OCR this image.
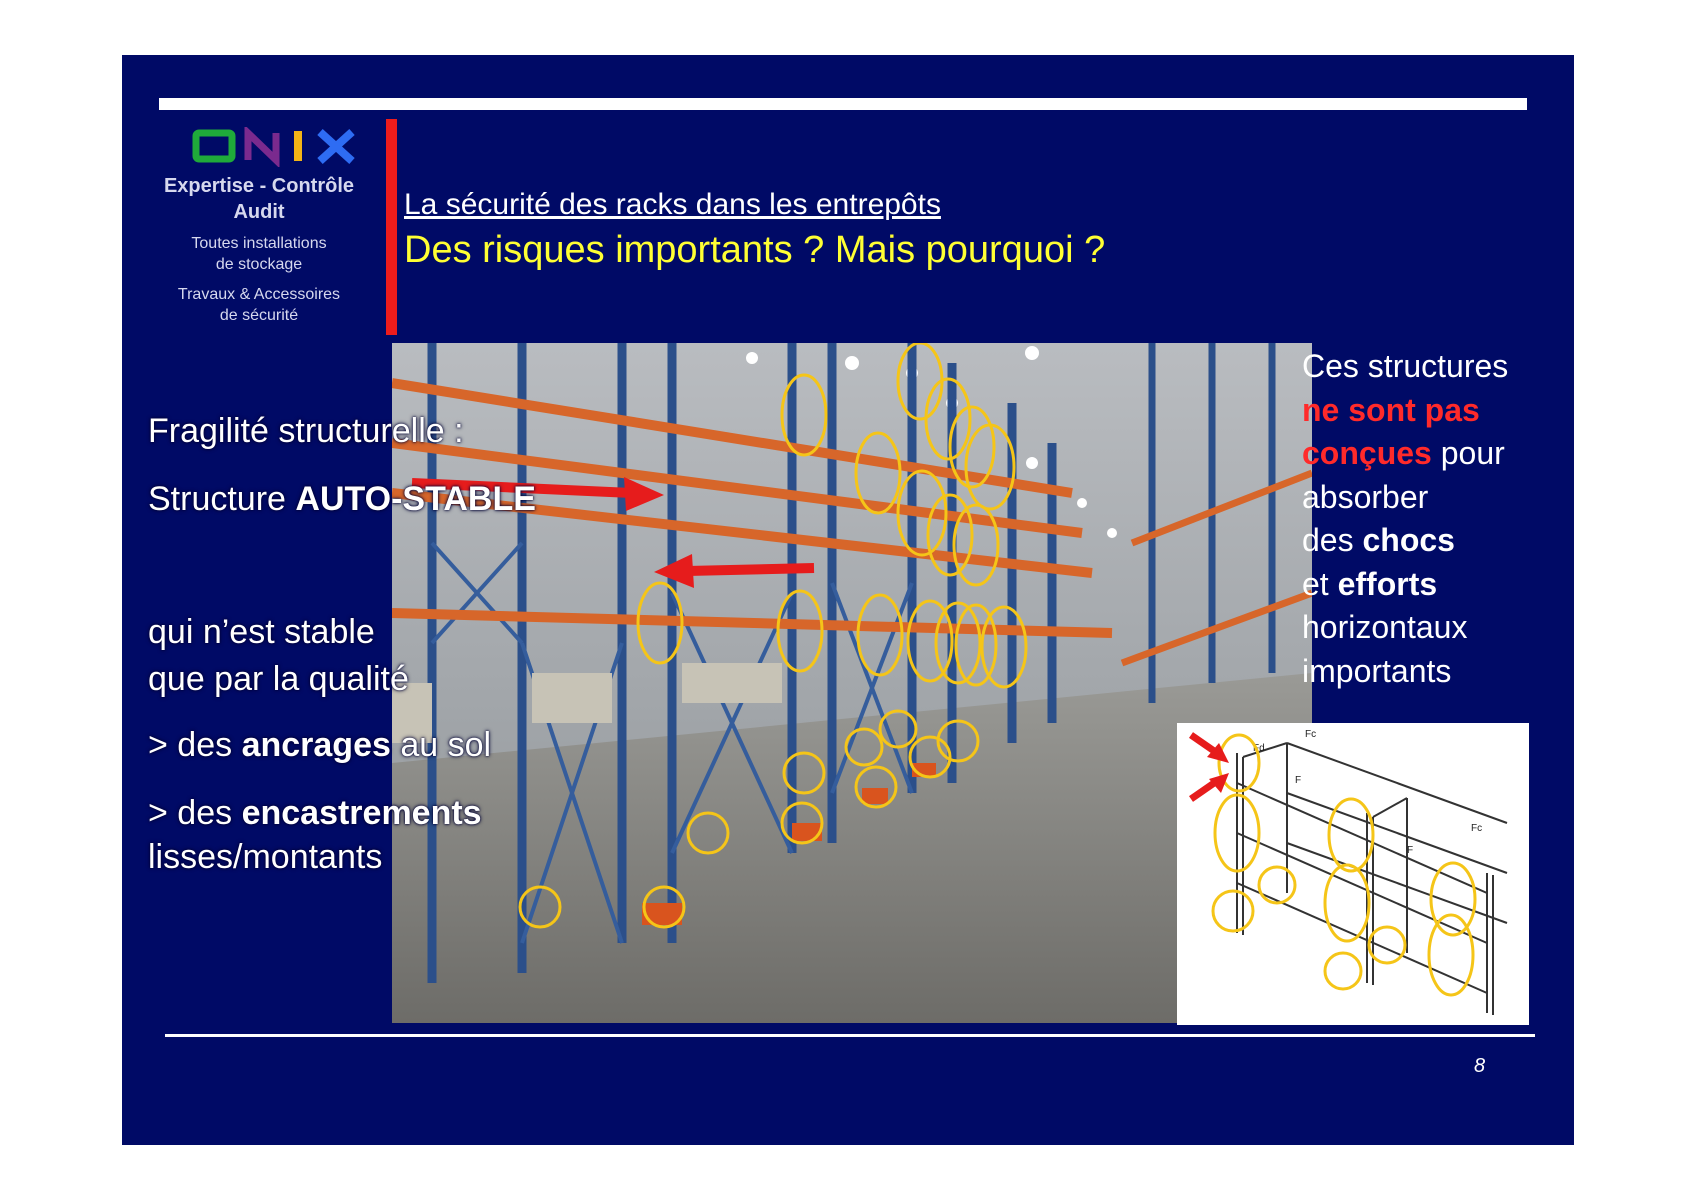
Expertise - Contrôle
Audit
Toutes installations
de stockage
Travaux & Accessoires
de sécurité
La sécurité des racks dans les entrepôts
Des risques importants ? Mais pourquoi ?
Fd
Fc
F
Fc
F
Fragilité structurelle :
Structure AUTO-STABLE
qui n’est stable
que par la qualité
> des ancrages au sol
> des encastrements
lisses/montants
Ces structures
ne sont pas
conçues pour
absorber
des chocs
et efforts
horizontaux
importants
8
